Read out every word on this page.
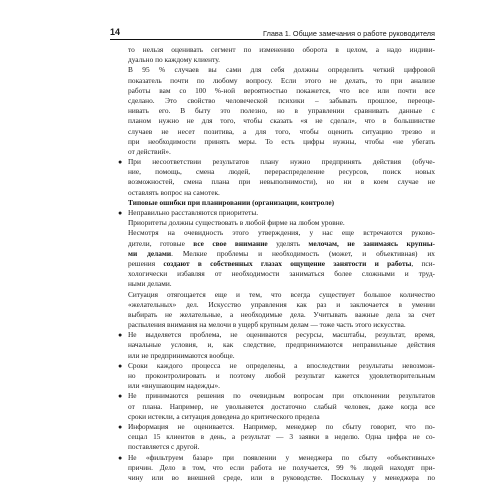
14	Глава 1. Общие замечания о работе руководителя

то нельзя оценивать сегмент по изменению оборота в целом, а надо индиви-
дуально по каждому клиенту.

В 95 % случаев вы сами для себя должны определить четкий цифровой
показатель почти по любому вопросу. Если этого не делать, то при анализе
работы вам со 100 %-ной вероятностью покажется, что все или почти все
сделано. Это свойство человеческой психики – забывать прошлое, переоце-
нивать его. В быту это полезно, но в управлении сравнивать данные с
планом нужно не для того, чтобы сказать «я не сделал», что в большинстве
случаев не несет позитива, а для того, чтобы оценить ситуацию трезво и
при необходимости принять меры. То есть цифры нужны, чтобы «не убегать
от действий».

● При несоответствии результатов плану нужно предпринять действия (обуче-
ние, помощь, смена людей, перераспределение ресурсов, поиск новых
возможностей, смена плана при невыполнимости), но ни в коем случае не
оставлять вопрос на самотек.

Типовые ошибки при планировании (организации, контроле)

● Неправильно расставляются приоритеты.

Приоритеты должны существовать в любой фирме на любом уровне.
Несмотря на очевидность этого утверждения, у нас еще встречаются руково-
дители, готовые все свое внимание уделять мелочам, не занимаясь крупны-
ми делами. Мелкие проблемы и необходимость (может, и объективная) их
решения создают в собственных глазах ощущение занятости и работы, пси-
хологически избавляя от необходимости заниматься более сложными и труд-
ными делами.

Ситуация отягощается еще и тем, что всегда существует большое количество
«желательных» дел. Искусство управления как раз и заключается в умении
выбирать не желательные, а необходимые дела. Учитывать важные дела за счет
распыления внимания на мелочи в ущерб крупным делам — тоже часть этого искусства.

● Не выделяется проблема, не оцениваются ресурсы, масштабы, результат, время,
начальные условия, и, как следствие, предпринимаются неправильные действия
или не предпринимаются вообще.
● Сроки каждого процесса не определены, а впоследствии результаты невозмож-
но проконтролировать и поэтому любой результат кажется удовлетворительным
или «внушающим надежды».
● Не принимаются решения по очевидным вопросам при отклонении результатов
от плана. Например, не увольняется достаточно слабый человек, даже когда все
сроки истекли, а ситуация доведена до критического предела
● Информация не оценивается. Например, менеджер по сбыту говорит, что по-
сещал 15 клиентов в день, а результат — 3 заявки в неделю. Одна цифра не со-
поставляется с другой.
● Не «фильтруем базар» при появлении у менеджера по сбыту «объективных»
причин. Дело в том, что если работа не получается, 99 % людей находят при-
чину или во внешней среде, или в руководстве. Поскольку у менеджера по
